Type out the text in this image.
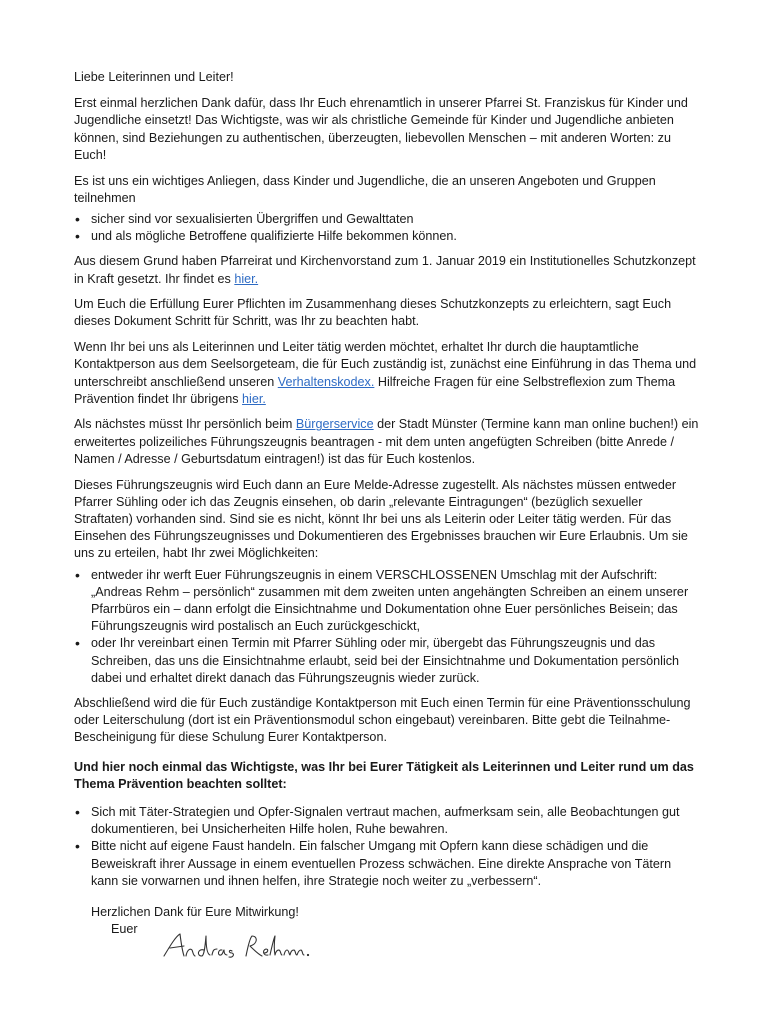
Liebe Leiterinnen und Leiter!

Erst einmal herzlichen Dank dafür, dass Ihr Euch ehrenamtlich in unserer Pfarrei St. Franziskus für Kinder und Jugendliche einsetzt! Das Wichtigste, was wir als christliche Gemeinde für Kinder und Jugendliche anbieten können, sind Beziehungen zu authentischen, überzeugten, liebevollen Menschen – mit anderen Worten: zu Euch!

Es ist uns ein wichtiges Anliegen, dass Kinder und Jugendliche, die an unseren Angeboten und Gruppen teilnehmen

• sicher sind vor sexualisierten Übergriffen und Gewalttaten
• und als mögliche Betroffene qualifizierte Hilfe bekommen können.

Aus diesem Grund haben Pfarreirat und Kirchenvorstand zum 1. Januar 2019 ein Institutionelles Schutzkonzept in Kraft gesetzt. Ihr findet es hier.

Um Euch die Erfüllung Eurer Pflichten im Zusammenhang dieses Schutzkonzepts zu erleichtern, sagt Euch dieses Dokument Schritt für Schritt, was Ihr zu beachten habt.

Wenn Ihr bei uns als Leiterinnen und Leiter tätig werden möchtet, erhaltet Ihr durch die hauptamtliche Kontaktperson aus dem Seelsorgeteam, die für Euch zuständig ist, zunächst eine Einführung in das Thema und unterschreibt anschließend unseren Verhaltenskodex. Hilfreiche Fragen für eine Selbstreflexion zum Thema Prävention findet Ihr übrigens hier.

Als nächstes müsst Ihr persönlich beim Bürgerservice der Stadt Münster (Termine kann man online buchen!) ein erweitertes polizeiliches Führungszeugnis beantragen - mit dem unten angefügten Schreiben (bitte Anrede / Namen / Adresse / Geburtsdatum eintragen!) ist das für Euch kostenlos.

Dieses Führungszeugnis wird Euch dann an Eure Melde-Adresse zugestellt. Als nächstes müssen entweder Pfarrer Sühling oder ich das Zeugnis einsehen, ob darin „relevante Eintragungen“ (bezüglich sexueller Straftaten) vorhanden sind. Sind sie es nicht, könnt Ihr bei uns als Leiterin oder Leiter tätig werden. Für das Einsehen des Führungszeugnisses und Dokumentieren des Ergebnisses brauchen wir Eure Erlaubnis. Um sie uns zu erteilen, habt Ihr zwei Möglichkeiten:

• entweder ihr werft Euer Führungszeugnis in einem VERSCHLOSSENEN Umschlag mit der Aufschrift: „Andreas Rehm – persönlich“ zusammen mit dem zweiten unten angehängten Schreiben an einem unserer Pfarrbüros ein – dann erfolgt die Einsichtnahme und Dokumentation ohne Euer persönliches Beisein; das Führungszeugnis wird postalisch an Euch zurückgeschickt,
• oder Ihr vereinbart einen Termin mit Pfarrer Sühling oder mir, übergebt das Führungszeugnis und das Schreiben, das uns die Einsichtnahme erlaubt, seid bei der Einsichtnahme und Dokumentation persönlich dabei und erhaltet direkt danach das Führungszeugnis wieder zurück.

Abschließend wird die für Euch zuständige Kontaktperson mit Euch einen Termin für eine Präventionsschulung oder Leiterschulung (dort ist ein Präventionsmodul schon eingebaut) vereinbaren. Bitte gebt die Teilnahme-Bescheinigung für diese Schulung Eurer Kontaktperson.

Und hier noch einmal das Wichtigste, was Ihr bei Eurer Tätigkeit als Leiterinnen und Leiter rund um das Thema Prävention beachten solltet:

• Sich mit Täter-Strategien und Opfer-Signalen vertraut machen, aufmerksam sein, alle Beobachtungen gut dokumentieren, bei Unsicherheiten Hilfe holen, Ruhe bewahren.
• Bitte nicht auf eigene Faust handeln. Ein falscher Umgang mit Opfern kann diese schädigen und die Beweiskraft ihrer Aussage in einem eventuellen Prozess schwächen. Eine direkte Ansprache von Tätern kann sie vorwarnen und ihnen helfen, ihre Strategie noch weiter zu „verbessern“.
Herzlichen Dank für Eure Mitwirkung!
Euer
